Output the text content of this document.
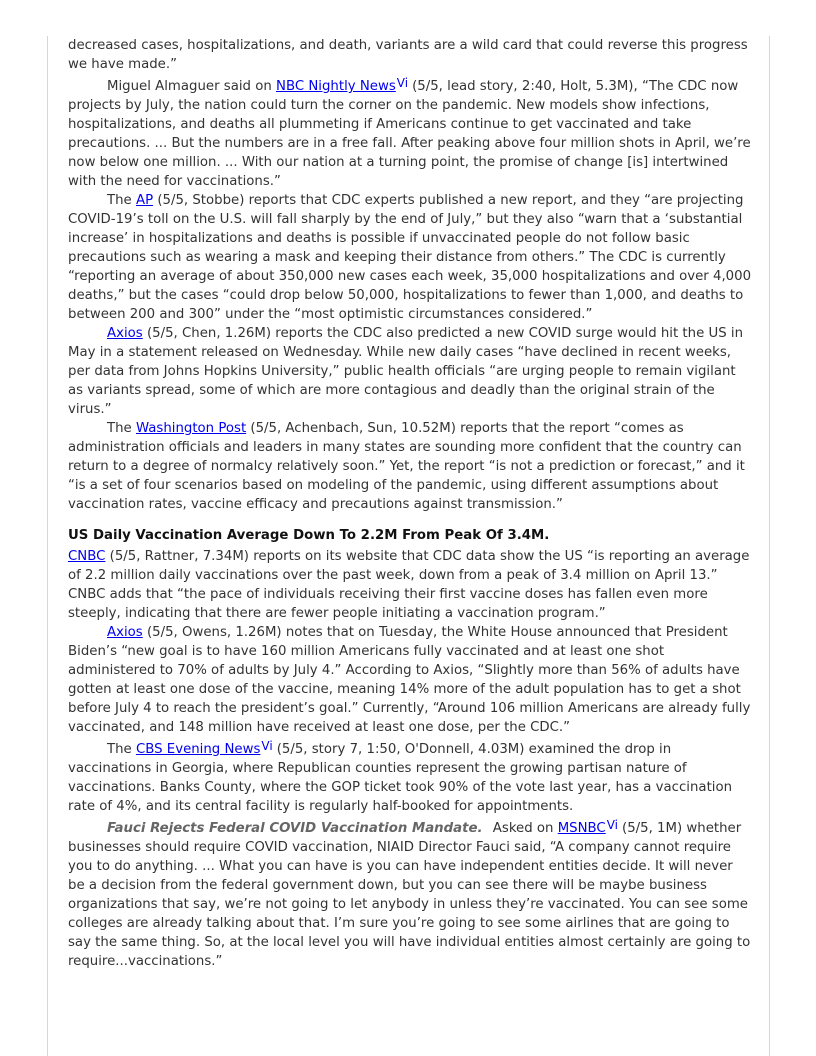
decreased cases, hospitalizations, and death, variants are a wild card that could reverse this progress we have made.”

Miguel Almaguer said on NBC Nightly NewsVi (5/5, lead story, 2:40, Holt, 5.3M), “The CDC now projects by July, the nation could turn the corner on the pandemic. New models show infections, hospitalizations, and deaths all plummeting if Americans continue to get vaccinated and take precautions. ... But the numbers are in a free fall. After peaking above four million shots in April, we’re now below one million. ... With our nation at a turning point, the promise of change [is] intertwined with the need for vaccinations.”

The AP (5/5, Stobbe) reports that CDC experts published a new report, and they “are projecting COVID-19’s toll on the U.S. will fall sharply by the end of July,” but they also “warn that a ‘substantial increase’ in hospitalizations and deaths is possible if unvaccinated people do not follow basic precautions such as wearing a mask and keeping their distance from others.” The CDC is currently “reporting an average of about 350,000 new cases each week, 35,000 hospitalizations and over 4,000 deaths,” but the cases “could drop below 50,000, hospitalizations to fewer than 1,000, and deaths to between 200 and 300” under the “most optimistic circumstances considered.”

Axios (5/5, Chen, 1.26M) reports the CDC also predicted a new COVID surge would hit the US in May in a statement released on Wednesday. While new daily cases “have declined in recent weeks, per data from Johns Hopkins University,” public health officials “are urging people to remain vigilant as variants spread, some of which are more contagious and deadly than the original strain of the virus.”

The Washington Post (5/5, Achenbach, Sun, 10.52M) reports that the report “comes as administration officials and leaders in many states are sounding more confident that the country can return to a degree of normalcy relatively soon.” Yet, the report “is not a prediction or forecast,” and it “is a set of four scenarios based on modeling of the pandemic, using different assumptions about vaccination rates, vaccine efficacy and precautions against transmission.”

US Daily Vaccination Average Down To 2.2M From Peak Of 3.4M.

CNBC (5/5, Rattner, 7.34M) reports on its website that CDC data show the US “is reporting an average of 2.2 million daily vaccinations over the past week, down from a peak of 3.4 million on April 13.” CNBC adds that “the pace of individuals receiving their first vaccine doses has fallen even more steeply, indicating that there are fewer people initiating a vaccination program.”

Axios (5/5, Owens, 1.26M) notes that on Tuesday, the White House announced that President Biden’s “new goal is to have 160 million Americans fully vaccinated and at least one shot administered to 70% of adults by July 4.” According to Axios, “Slightly more than 56% of adults have gotten at least one dose of the vaccine, meaning 14% more of the adult population has to get a shot before July 4 to reach the president’s goal.” Currently, “Around 106 million Americans are already fully vaccinated, and 148 million have received at least one dose, per the CDC.”

The CBS Evening NewsVi (5/5, story 7, 1:50, O'Donnell, 4.03M) examined the drop in vaccinations in Georgia, where Republican counties represent the growing partisan nature of vaccinations. Banks County, where the GOP ticket took 90% of the vote last year, has a vaccination rate of 4%, and its central facility is regularly half-booked for appointments.

Fauci Rejects Federal COVID Vaccination Mandate. Asked on MSNBCVi (5/5, 1M) whether businesses should require COVID vaccination, NIAID Director Fauci said, “A company cannot require you to do anything. ... What you can have is you can have independent entities decide. It will never be a decision from the federal government down, but you can see there will be maybe business organizations that say, we’re not going to let anybody in unless they’re vaccinated. You can see some colleges are already talking about that. I’m sure you’re going to see some airlines that are going to say the same thing. So, at the local level you will have individual entities almost certainly are going to require...vaccinations.”
